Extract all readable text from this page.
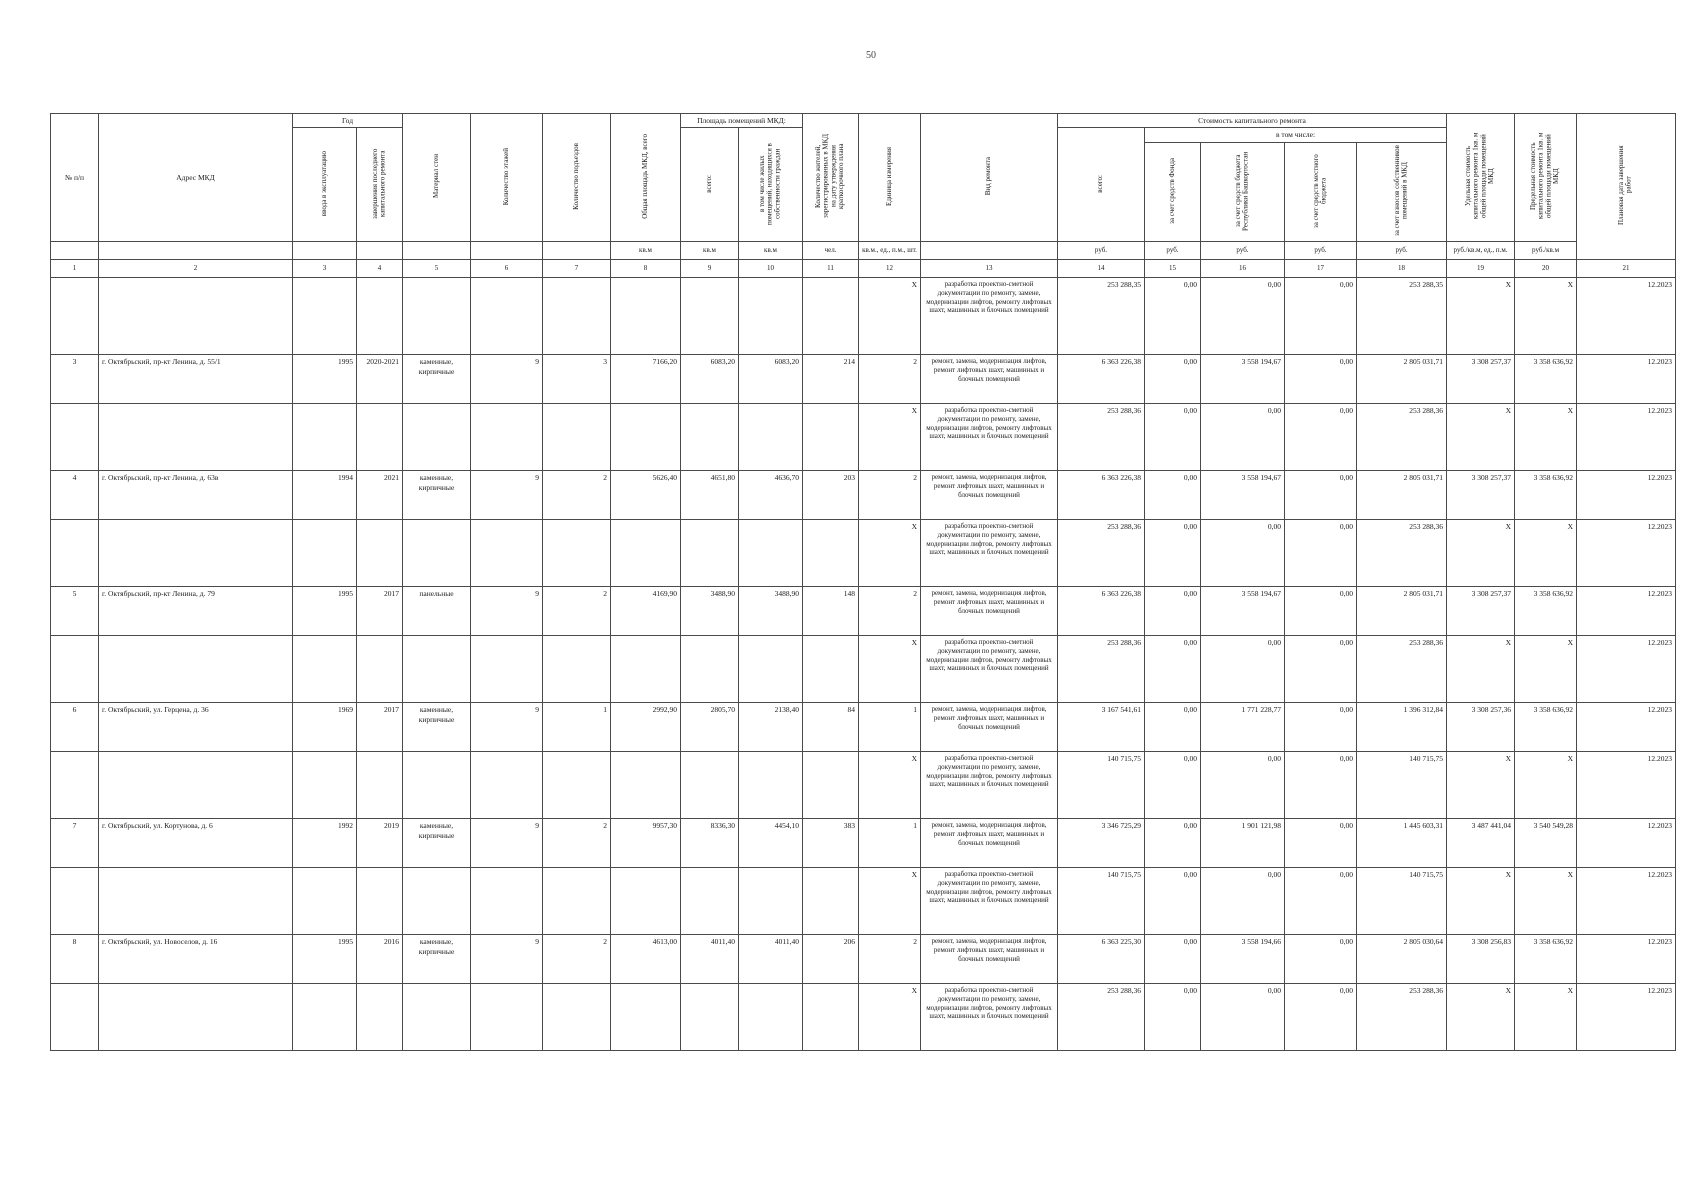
50
№ п/п	Адрес МКД	Год		Материал стен	Количество этажей	Количество подъездов	Общая площадь МКД, всего	Площадь помещений МКД:		Количество жителей, зарегистрированных в МКД на дату утверждения краткосрочного плана	Единица измерения	Вид ремонта	Стоимость капитального ремонта					Удельная стоимость капитального ремонта 1кв. м общей площади помещений МКД	Предельная стоимость капитального ремонта 1кв. м общей площади помещений МКД	Плановая дата завершения работ
		ввода в эксплуатацию	завершения последнего капитального ремонта					всего:	в том числе жилых помещений, находящихся в собственности граждан				всего:	в том числе:						
														за счет средств Фонда	за счет средств бюджета Республики Башкортостан	за счет средств местного бюджета	за счет взносов собственников помещений в МКД			
							кв.м	кв.м	кв.м	чел.	кв.м., ед., п.м., шт.		руб.	руб.	руб.	руб.	руб.	руб./кв.м, ед., п.м.	руб./кв.м	
1	2	3	4	5	6	7	8	9	10	11	12	13	14	15	16	17	18	19	20	21
											X	разработка проектно-сметной документации по ремонту, замене, модернизации лифтов, ремонту лифтовых шахт, машинных и блочных помещений	253 288,35	0,00	0,00	0,00	253 288,35	X	X	12.2023
3	г. Октябрьский, пр-кт Ленина, д. 55/1	1995	2020-2021	каменные, кирпичные	9	3	7166,20	6083,20	6083,20	214	2	ремонт, замена, модернизация лифтов, ремонт лифтовых шахт, машинных и блочных помещений	6 363 226,38	0,00	3 558 194,67	0,00	2 805 031,71	3 308 257,37	3 358 636,92	12.2023
											X	разработка проектно-сметной документации по ремонту, замене, модернизации лифтов, ремонту лифтовых шахт, машинных и блочных помещений	253 288,36	0,00	0,00	0,00	253 288,36	X	X	12.2023
4	г. Октябрьский, пр-кт Ленина, д. 63в	1994	2021	каменные, кирпичные	9	2	5626,40	4651,80	4636,70	203	2	ремонт, замена, модернизация лифтов, ремонт лифтовых шахт, машинных и блочных помещений	6 363 226,38	0,00	3 558 194,67	0,00	2 805 031,71	3 308 257,37	3 358 636,92	12.2023
											X	разработка проектно-сметной документации по ремонту, замене, модернизации лифтов, ремонту лифтовых шахт, машинных и блочных помещений	253 288,36	0,00	0,00	0,00	253 288,36	X	X	12.2023
5	г. Октябрьский, пр-кт Ленина, д. 79	1995	2017	панельные	9	2	4169,90	3488,90	3488,90	148	2	ремонт, замена, модернизация лифтов, ремонт лифтовых шахт, машинных и блочных помещений	6 363 226,38	0,00	3 558 194,67	0,00	2 805 031,71	3 308 257,37	3 358 636,92	12.2023
											X	разработка проектно-сметной документации по ремонту, замене, модернизации лифтов, ремонту лифтовых шахт, машинных и блочных помещений	253 288,36	0,00	0,00	0,00	253 288,36	X	X	12.2023
6	г. Октябрьский, ул. Герцена, д. 36	1969	2017	каменные, кирпичные	9	1	2992,90	2805,70	2138,40	84	1	ремонт, замена, модернизация лифтов, ремонт лифтовых шахт, машинных и блочных помещений	3 167 541,61	0,00	1 771 228,77	0,00	1 396 312,84	3 308 257,36	3 358 636,92	12.2023
											X	разработка проектно-сметной документации по ремонту, замене, модернизации лифтов, ремонту лифтовых шахт, машинных и блочных помещений	140 715,75	0,00	0,00	0,00	140 715,75	X	X	12.2023
7	г. Октябрьский, ул. Кортунова, д. 6	1992	2019	каменные, кирпичные	9	2	9957,30	8336,30	4454,10	383	1	ремонт, замена, модернизация лифтов, ремонт лифтовых шахт, машинных и блочных помещений	3 346 725,29	0,00	1 901 121,98	0,00	1 445 603,31	3 487 441,04	3 540 549,28	12.2023
											X	разработка проектно-сметной документации по ремонту, замене, модернизации лифтов, ремонту лифтовых шахт, машинных и блочных помещений	140 715,75	0,00	0,00	0,00	140 715,75	X	X	12.2023
8	г. Октябрьский, ул. Новоселов, д. 16	1995	2016	каменные, кирпичные	9	2	4613,00	4011,40	4011,40	206	2	ремонт, замена, модернизация лифтов, ремонт лифтовых шахт, машинных и блочных помещений	6 363 225,30	0,00	3 558 194,66	0,00	2 805 030,64	3 308 256,83	3 358 636,92	12.2023
											X	разработка проектно-сметной документации по ремонту, замене, модернизации лифтов, ремонту лифтовых шахт, машинных и блочных помещений	253 288,36	0,00	0,00	0,00	253 288,36	X	X	12.2023
